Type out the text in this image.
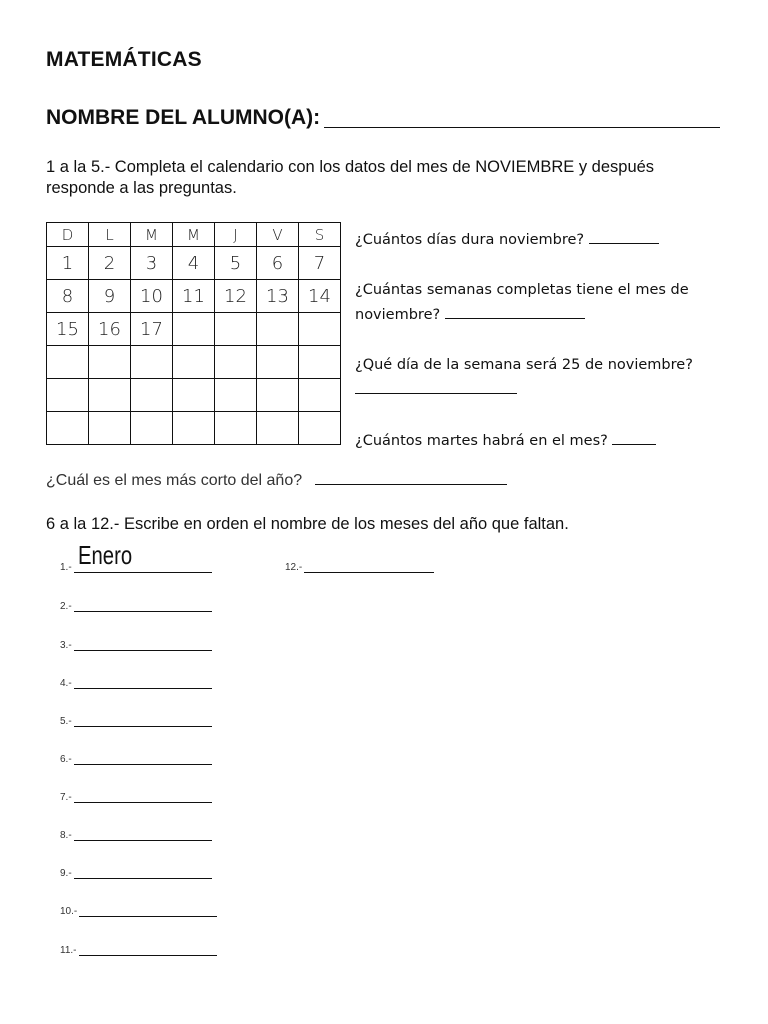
MATEMÁTICAS
NOMBRE DEL ALUMNO(A):
1 a la 5.- Completa el calendario con los datos del mes de NOVIEMBRE y después responde a las preguntas.
D	L	M	M	J	V	S
1	2	3	4	5	6	7
8	9	10	11	12	13	14
15	16	17				

¿Cuántos días dura noviembre?
¿Cuántas semanas completas tiene el mes de noviembre?
¿Qué día de la semana será 25 de noviembre?
¿Cuántos martes habrá en el mes?
¿Cuál es el mes más corto del año?
6 a la 12.- Escribe en orden el nombre de los meses del año que faltan.
1.- Enero
2.-
3.-
4.-
5.-
6.-
7.-
8.-
9.-
10.-
11.-
12.-
